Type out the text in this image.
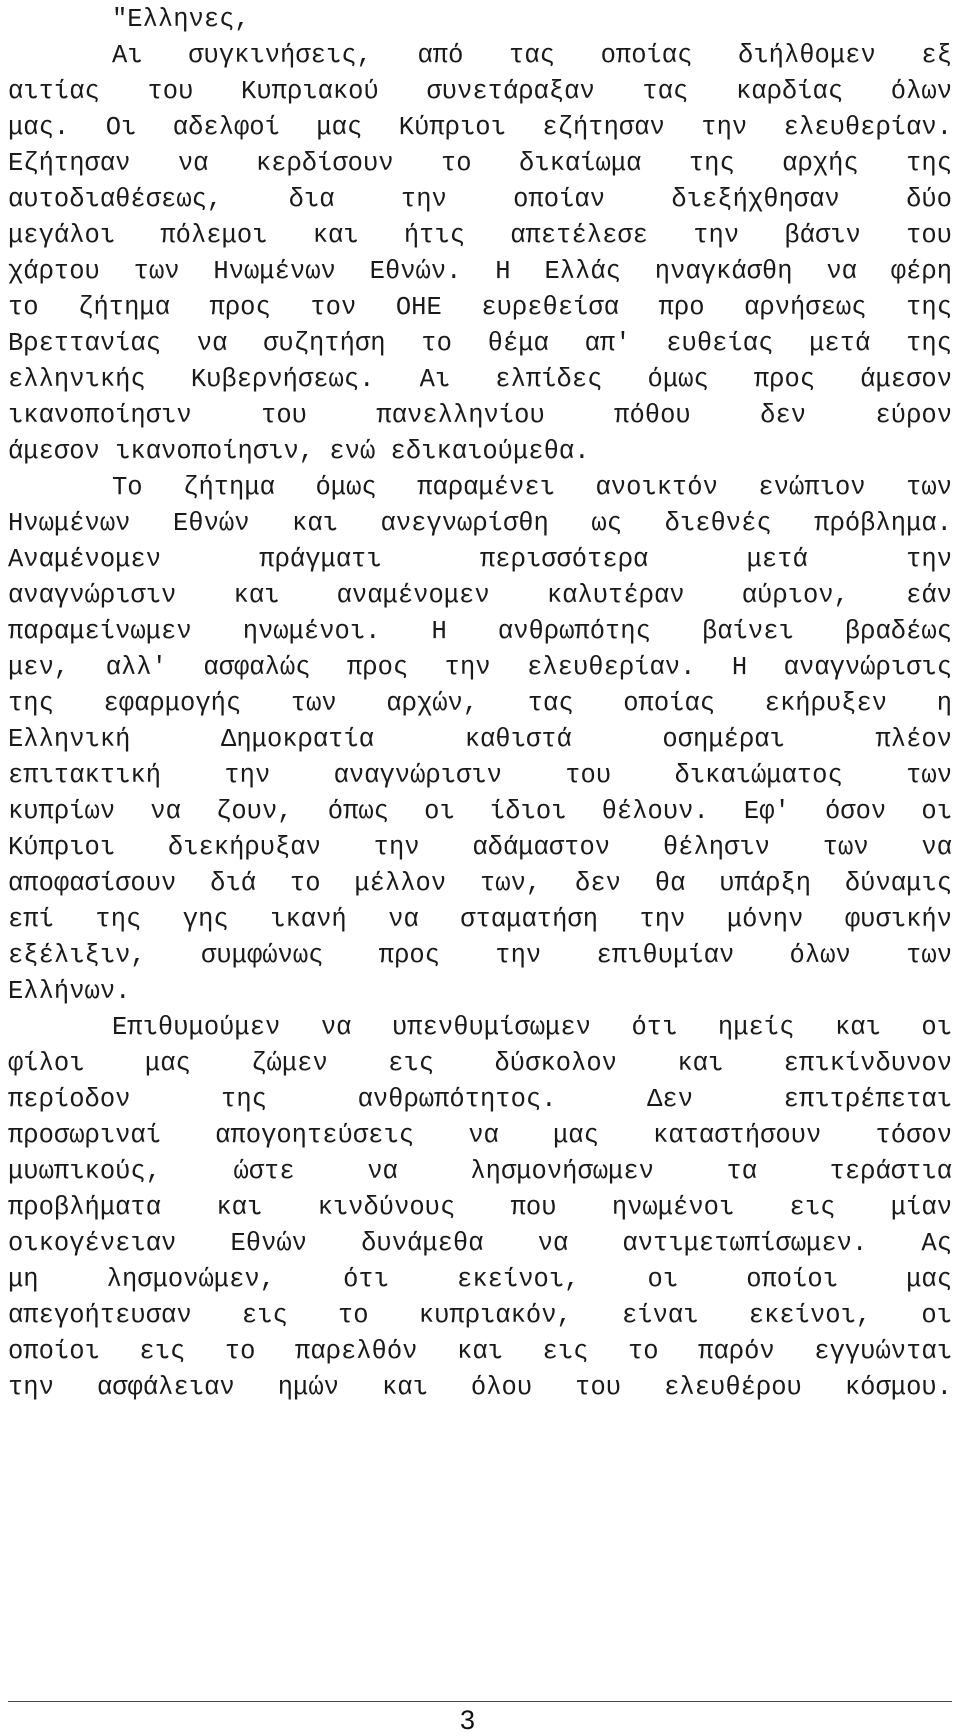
"Ελληνες,
Αι συγκινήσεις, από τας οποίας διήλθομεν εξ
αιτίας του Κυπριακού συνετάραξαν τας καρδίας όλων
μας. Οι αδελφοί μας Κύπριοι εζήτησαν την ελευθερίαν.
Εζήτησαν να κερδίσουν το δικαίωμα της αρχής της
αυτοδιαθέσεως, δια την οποίαν διεξήχθησαν δύο
μεγάλοι πόλεμοι και ήτις απετέλεσε την βάσιν του
χάρτου των Ηνωμένων Εθνών. Η Ελλάς ηναγκάσθη να φέρη
το ζήτημα προς τον ΟΗΕ ευρεθείσα προ αρνήσεως της
Βρεττανίας να συζητήση το θέμα απ' ευθείας μετά της
ελληνικής Κυβερνήσεως. Αι ελπίδες όμως προς άμεσον
ικανοποίησιν του πανελληνίου πόθου δεν εύρον
άμεσον ικανοποίησιν, ενώ εδικαιούμεθα.
Το ζήτημα όμως παραμένει ανοικτόν ενώπιον των
Ηνωμένων Εθνών και ανεγνωρίσθη ως διεθνές πρόβλημα.
Αναμένομεν πράγματι περισσότερα μετά την
αναγνώρισιν και αναμένομεν καλυτέραν αύριον, εάν
παραμείνωμεν ηνωμένοι. Η ανθρωπότης βαίνει βραδέως
μεν, αλλ' ασφαλώς προς την ελευθερίαν. Η αναγνώρισις
της εφαρμογής των αρχών, τας οποίας εκήρυξεν η
Ελληνική Δημοκρατία καθιστά οσημέραι πλέον
επιτακτική την αναγνώρισιν του δικαιώματος των
κυπρίων να ζουν, όπως οι ίδιοι θέλουν. Εφ' όσον οι
Κύπριοι διεκήρυξαν την αδάμαστον θέλησιν των να
αποφασίσουν διά το μέλλον των, δεν θα υπάρξη δύναμις
επί της γης ικανή να σταματήση την μόνην φυσικήν
εξέλιξιν, συμφώνως προς την επιθυμίαν όλων των
Ελλήνων.
Επιθυμούμεν να υπενθυμίσωμεν ότι ημείς και οι
φίλοι μας ζώμεν εις δύσκολον και επικίνδυνον
περίοδον της ανθρωπότητος. Δεν επιτρέπεται
προσωριναί απογοητεύσεις να μας καταστήσουν τόσον
μυωπικούς, ώστε να λησμονήσωμεν τα τεράστια
προβλήματα και κινδύνους που ηνωμένοι εις μίαν
οικογένειαν Εθνών δυνάμεθα να αντιμετωπίσωμεν. Ας
μη λησμονώμεν, ότι εκείνοι, οι οποίοι μας
απεγοήτευσαν εις το κυπριακόν, είναι εκείνοι, οι
οποίοι εις το παρελθόν και εις το παρόν εγγυώνται
την ασφάλειαν ημών και όλου του ελευθέρου κόσμου.
3
